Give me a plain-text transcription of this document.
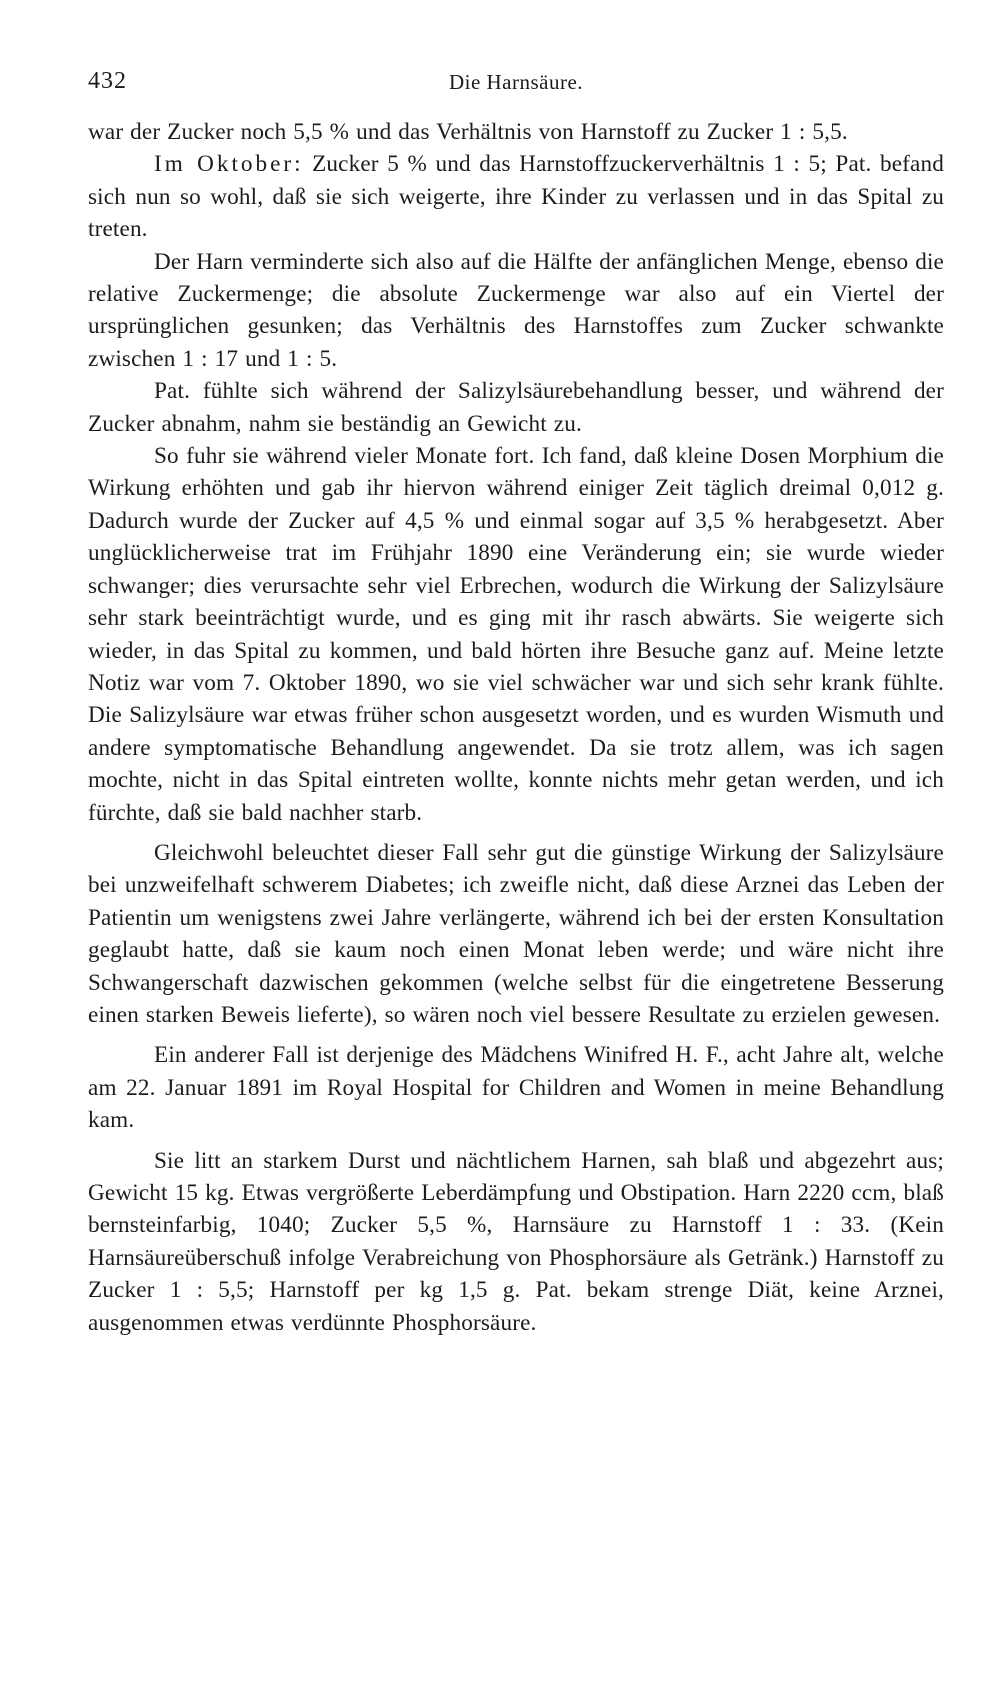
432	Die Harnsäure.

war der Zucker noch 5,5 % und das Verhältnis von Harnstoff zu Zucker 1 : 5,5.

Im Oktober: Zucker 5 % und das Harnstoffzuckerverhältnis 1 : 5; Pat. befand sich nun so wohl, daß sie sich weigerte, ihre Kinder zu verlassen und in das Spital zu treten.

Der Harn verminderte sich also auf die Hälfte der anfänglichen Menge, ebenso die relative Zuckermenge; die absolute Zuckermenge war also auf ein Viertel der ursprünglichen gesunken; das Verhältnis des Harnstoffes zum Zucker schwankte zwischen 1 : 17 und 1 : 5.

Pat. fühlte sich während der Salizylsäurebehandlung besser, und während der Zucker abnahm, nahm sie beständig an Gewicht zu.

So fuhr sie während vieler Monate fort. Ich fand, daß kleine Dosen Morphium die Wirkung erhöhten und gab ihr hiervon während einiger Zeit täglich dreimal 0,012 g. Dadurch wurde der Zucker auf 4,5 % und einmal sogar auf 3,5 % herabgesetzt. Aber unglücklicherweise trat im Frühjahr 1890 eine Veränderung ein; sie wurde wieder schwanger; dies verursachte sehr viel Erbrechen, wodurch die Wirkung der Salizylsäure sehr stark beeinträchtigt wurde, und es ging mit ihr rasch abwärts. Sie weigerte sich wieder, in das Spital zu kommen, und bald hörten ihre Besuche ganz auf. Meine letzte Notiz war vom 7. Oktober 1890, wo sie viel schwächer war und sich sehr krank fühlte. Die Salizylsäure war etwas früher schon ausgesetzt worden, und es wurden Wismuth und andere symptomatische Behandlung angewendet. Da sie trotz allem, was ich sagen mochte, nicht in das Spital eintreten wollte, konnte nichts mehr getan werden, und ich fürchte, daß sie bald nachher starb.

Gleichwohl beleuchtet dieser Fall sehr gut die günstige Wirkung der Salizylsäure bei unzweifelhaft schwerem Diabetes; ich zweifle nicht, daß diese Arznei das Leben der Patientin um wenigstens zwei Jahre verlängerte, während ich bei der ersten Konsultation geglaubt hatte, daß sie kaum noch einen Monat leben werde; und wäre nicht ihre Schwangerschaft dazwischen gekommen (welche selbst für die eingetretene Besserung einen starken Beweis lieferte), so wären noch viel bessere Resultate zu erzielen gewesen.

Ein anderer Fall ist derjenige des Mädchens Winifred H. F., acht Jahre alt, welche am 22. Januar 1891 im Royal Hospital for Children and Women in meine Behandlung kam.

Sie litt an starkem Durst und nächtlichem Harnen, sah blaß und abgezehrt aus; Gewicht 15 kg. Etwas vergrößerte Leberdämpfung und Obstipation. Harn 2220 ccm, blaß bernsteinfarbig, 1040; Zucker 5,5 %, Harnsäure zu Harnstoff 1 : 33. (Kein Harnsäureüberschuß infolge Verabreichung von Phosphorsäure als Getränk.) Harnstoff zu Zucker 1 : 5,5; Harnstoff per kg 1,5 g. Pat. bekam strenge Diät, keine Arznei, ausgenommen etwas verdünnte Phosphorsäure.
